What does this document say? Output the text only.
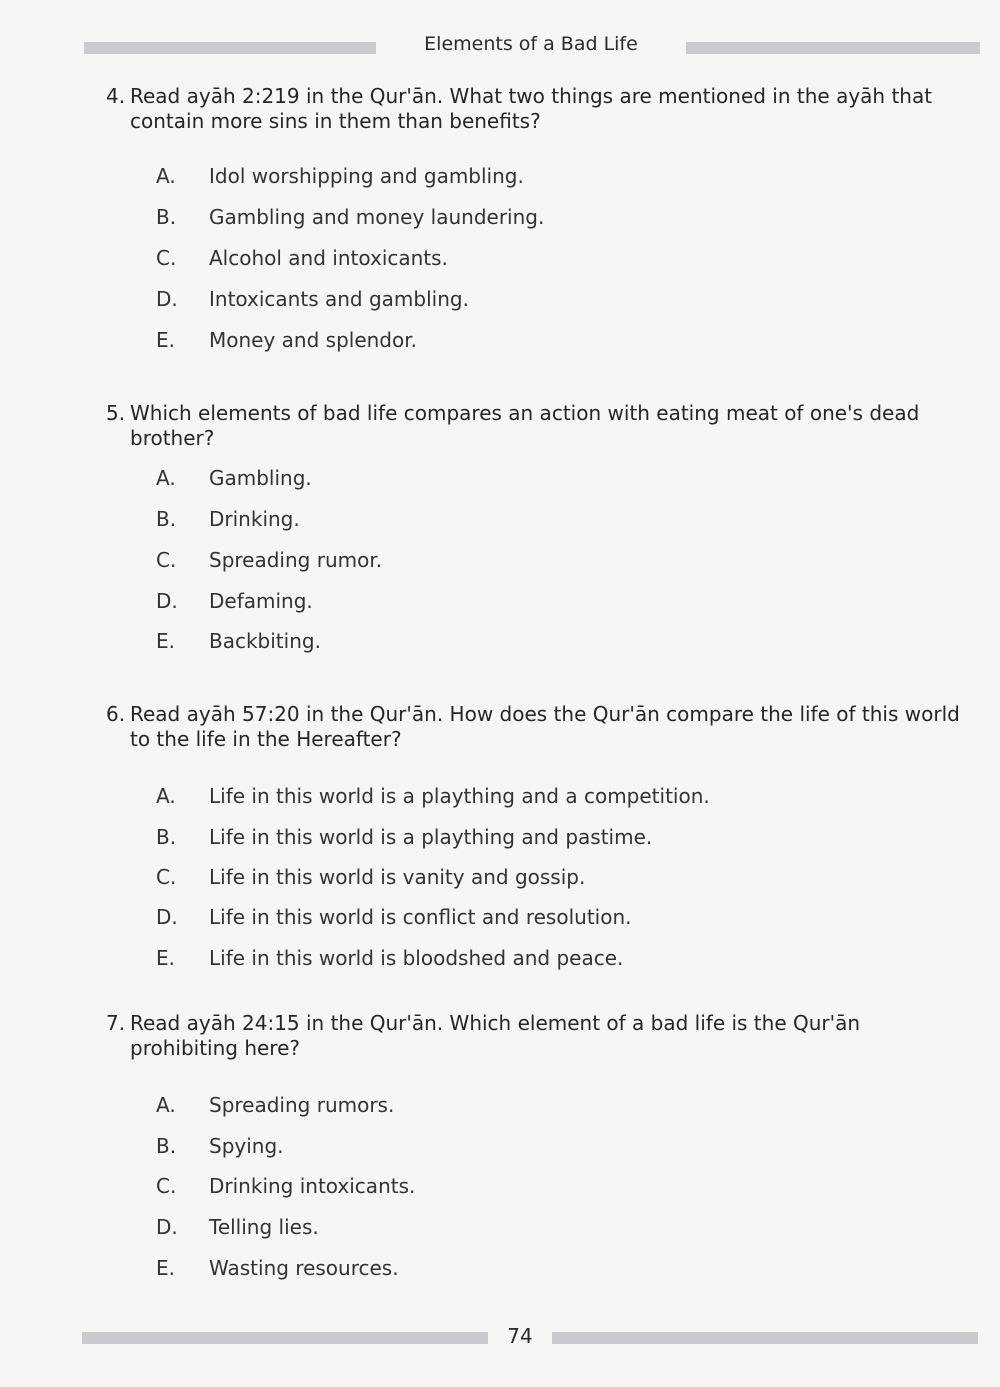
Elements of a Bad Life

4. Read ayāh 2:219 in the Qur'ān. What two things are mentioned in the ayāh that contain more sins in them than benefits?

A. Idol worshipping and gambling.
B. Gambling and money laundering.
C. Alcohol and intoxicants.
D. Intoxicants and gambling.
E. Money and splendor.

5. Which elements of bad life compares an action with eating meat of one's dead brother?

A. Gambling.
B. Drinking.
C. Spreading rumor.
D. Defaming.
E. Backbiting.

6. Read ayāh 57:20 in the Qur'ān. How does the Qur'ān compare the life of this world to the life in the Hereafter?

A. Life in this world is a plaything and a competition.
B. Life in this world is a plaything and pastime.
C. Life in this world is vanity and gossip.
D. Life in this world is conflict and resolution.
E. Life in this world is bloodshed and peace.

7. Read ayāh 24:15 in the Qur'ān. Which element of a bad life is the Qur'ān prohibiting here?

A. Spreading rumors.
B. Spying.
C. Drinking intoxicants.
D. Telling lies.
E. Wasting resources.
74
